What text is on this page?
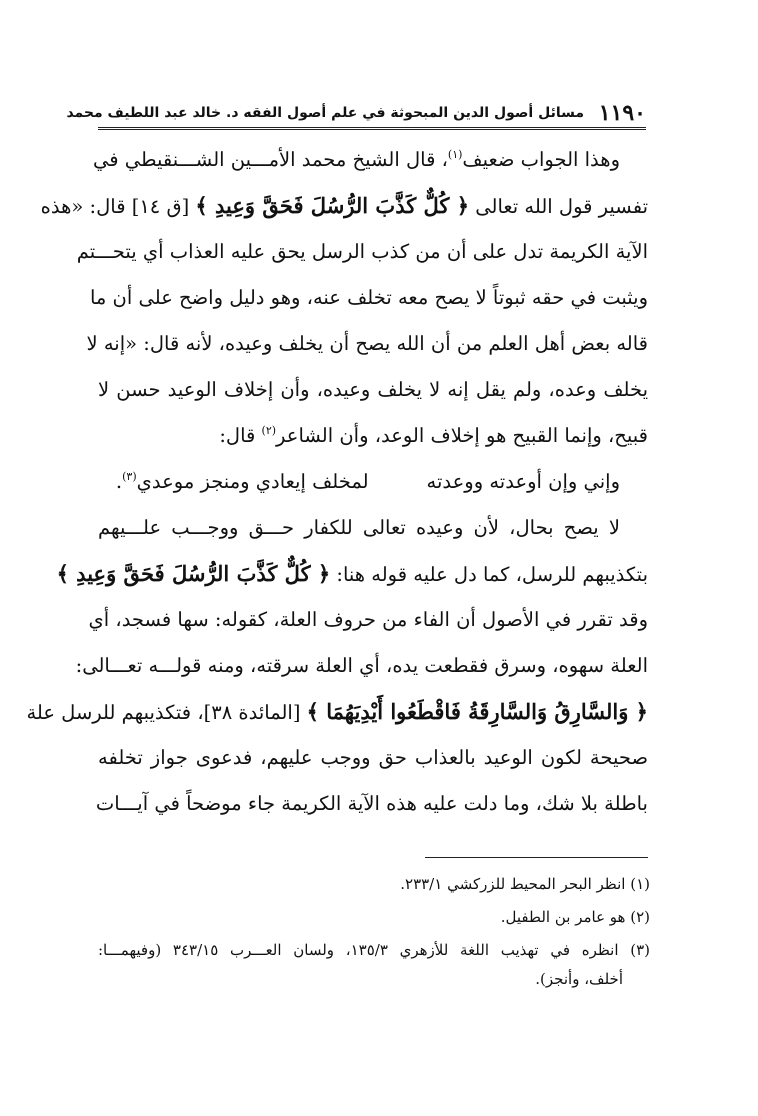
١١٩٠
مسائل أصول الدين المبحوثة في علم أصول الفقه د. خالد عبد اللطيف محمد
وهذا الجواب ضعيف$^{(١)}$، قال الشيخ محمد الأمـــين الشـــنقيطي في
تفسير قول الله تعالى ﴿ كُلٌّ كَذَّبَ الرُّسُلَ فَحَقَّ وَعِيدِ ﴾ [ق ١٤] قال: «هذه
الآية الكريمة تدل على أن من كذب الرسل يحق عليه العذاب أي يتحـــتم
ويثبت في حقه ثبوتاً لا يصح معه تخلف عنه، وهو دليل واضح على أن ما
قاله بعض أهل العلم من أن الله يصح أن يخلف وعيده، لأنه قال: «إنه لا
يخلف وعده، ولم يقل إنه لا يخلف وعيده، وأن إخلاف الوعيد حسن لا
قبيح، وإنما القبيح هو إخلاف الوعد، وأن الشاعر$^{(٢)}$ قال:
وإني وإن أوعدته ووعدته
لمخلف إيعادي ومنجز موعدي$^{(٣)}$.
لا يصح بحال، لأن وعيده تعالى للكفار حـــق ووجـــب علـــيهم
بتكذيبهم للرسل، كما دل عليه قوله هنا: ﴿ كُلٌّ كَذَّبَ الرُّسُلَ فَحَقَّ وَعِيدِ ﴾
وقد تقرر في الأصول أن الفاء من حروف العلة، كقوله: سها فسجد، أي
العلة سهوه، وسرق فقطعت يده، أي العلة سرقته، ومنه قولـــه تعـــالى:
﴿ وَالسَّارِقُ وَالسَّارِقَةُ فَاقْطَعُوا أَيْدِيَهُمَا ﴾ [المائدة ٣٨]، فتكذيبهم للرسل علة
صحيحة لكون الوعيد بالعذاب حق ووجب عليهم، فدعوى جواز تخلفه
باطلة بلا شك، وما دلت عليه هذه الآية الكريمة جاء موضحاً في آيـــات
(١) انظر البحر المحيط للزركشي ٢٣٣/١.
(٢) هو عامر بن الطفيل.
(٣) انظره في تهذيب اللغة للأزهري ١٣٥/٣، ولسان العـــرب ٣٤٣/١٥ (وفيهمـــا:
أخلف، وأنجز).
